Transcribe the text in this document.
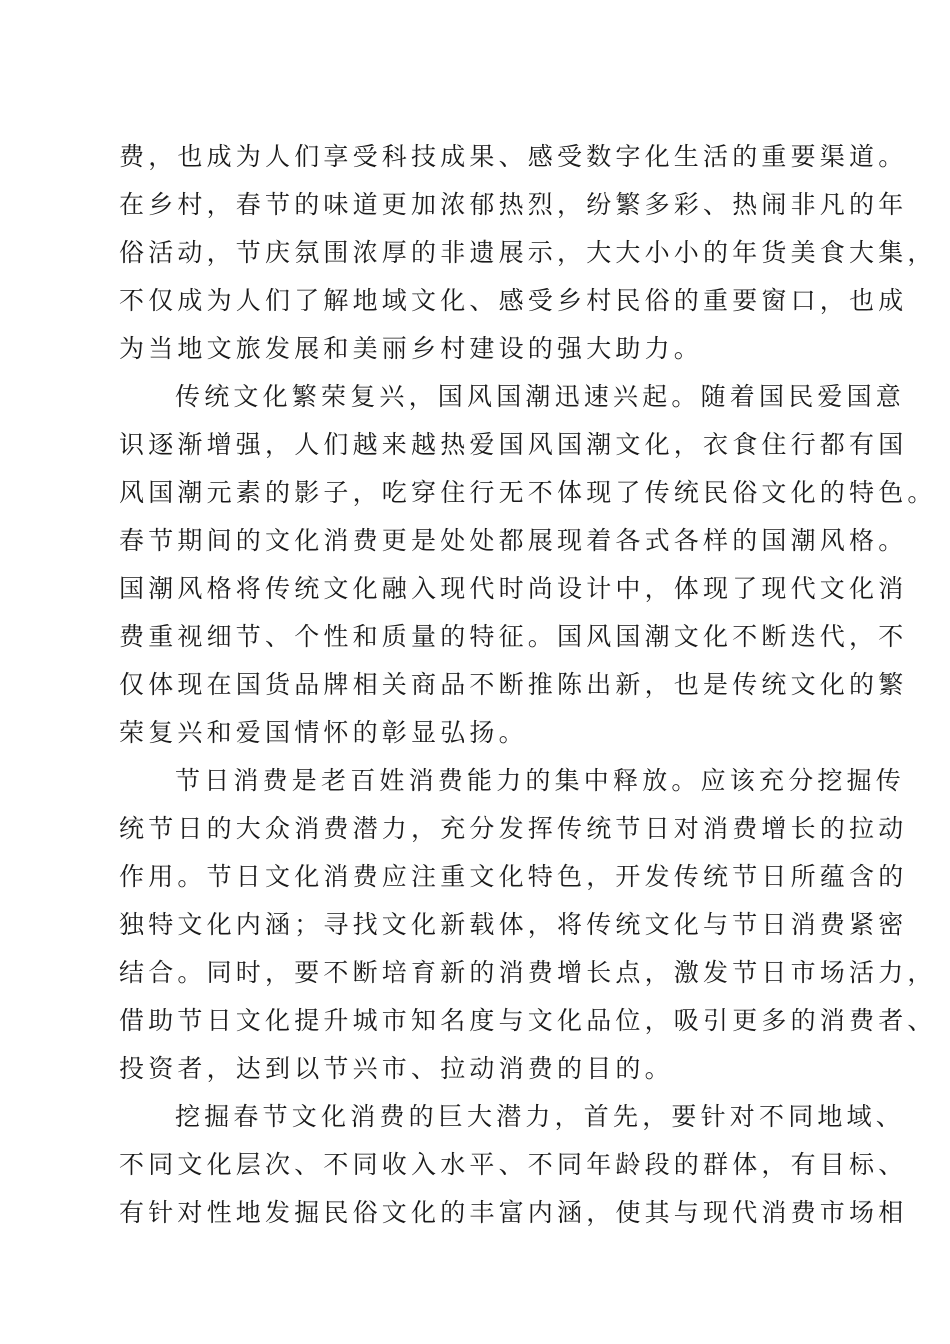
费，也成为人们享受科技成果、感受数字化生活的重要渠道。
在乡村，春节的味道更加浓郁热烈，纷繁多彩、热闹非凡的年
俗活动，节庆氛围浓厚的非遗展示，大大小小的年货美食大集，
不仅成为人们了解地域文化、感受乡村民俗的重要窗口，也成
为当地文旅发展和美丽乡村建设的强大助力。
传统文化繁荣复兴，国风国潮迅速兴起。随着国民爱国意
识逐渐增强，人们越来越热爱国风国潮文化，衣食住行都有国
风国潮元素的影子，吃穿住行无不体现了传统民俗文化的特色。
春节期间的文化消费更是处处都展现着各式各样的国潮风格。
国潮风格将传统文化融入现代时尚设计中，体现了现代文化消
费重视细节、个性和质量的特征。国风国潮文化不断迭代，不
仅体现在国货品牌相关商品不断推陈出新，也是传统文化的繁
荣复兴和爱国情怀的彰显弘扬。
节日消费是老百姓消费能力的集中释放。应该充分挖掘传
统节日的大众消费潜力，充分发挥传统节日对消费增长的拉动
作用。节日文化消费应注重文化特色，开发传统节日所蕴含的
独特文化内涵；寻找文化新载体，将传统文化与节日消费紧密
结合。同时，要不断培育新的消费增长点，激发节日市场活力，
借助节日文化提升城市知名度与文化品位，吸引更多的消费者、
投资者，达到以节兴市、拉动消费的目的。
挖掘春节文化消费的巨大潜力，首先，要针对不同地域、
不同文化层次、不同收入水平、不同年龄段的群体，有目标、
有针对性地发掘民俗文化的丰富内涵，使其与现代消费市场相
